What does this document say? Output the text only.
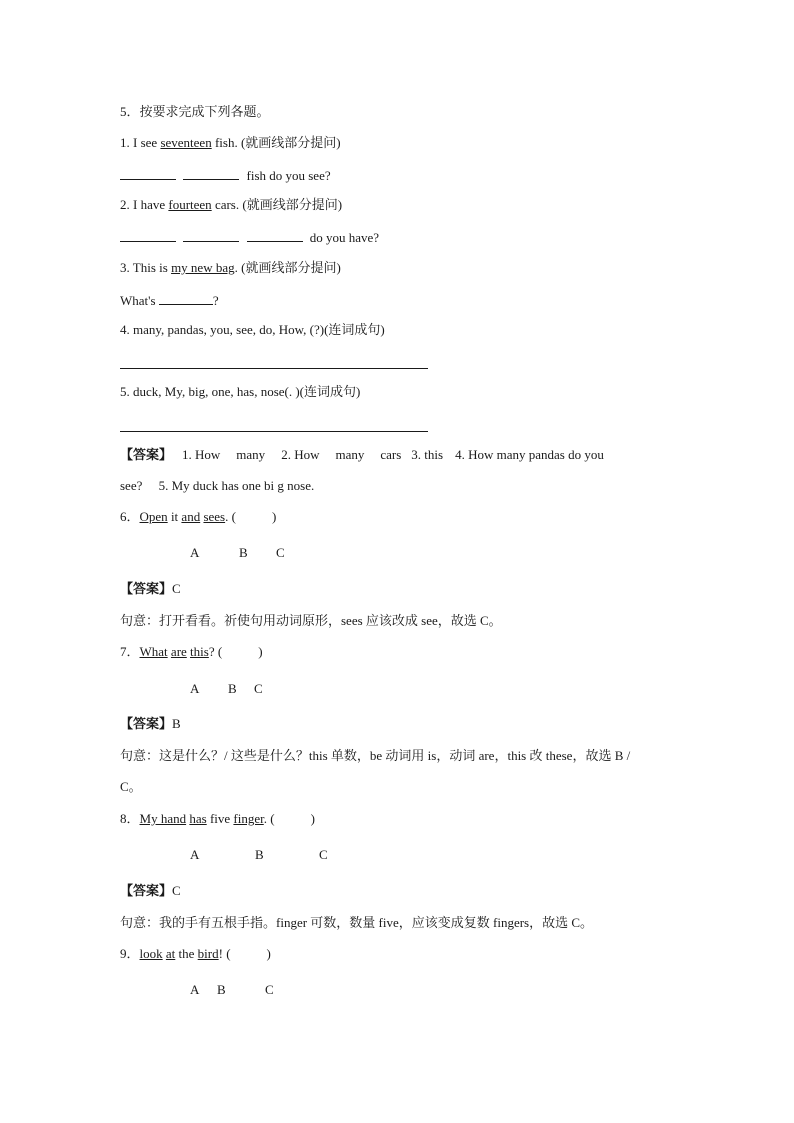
5．按要求完成下列各题。
1. I see seventeen fish. (就画线部分提问)
fish do you see?
2. I have fourteen cars. (就画线部分提问)
do you have?
3. This is my new bag. (就画线部分提问)
What's	?
4. many, pandas, you, see, do, How, (?)(连词成句)
5. duck, My, big, one, has, nose(. )(连词成句)
【答案】 1. How many 2. How many cars 3. this 4. How many pandas do you
see?     5. My duck has one bi g nose.
6．Open it and sees. (	)
A	B C
【答案】C
句意：打开看看。祈使句用动词原形，sees 应该改成 see，故选 C。
7．What are this? (	)
A B C
【答案】B
句意：这是什么？/ 这些是什么？this 单数，be 动词用 is，动词 are，this 改 these，故选 B /
C。
8．My hand has five finger. (	)
A	B	C
【答案】C
句意：我的手有五根手指。finger 可数，数量 five，应该变成复数 fingers，故选 C。
9．look at the bird! (	)
A B	C
